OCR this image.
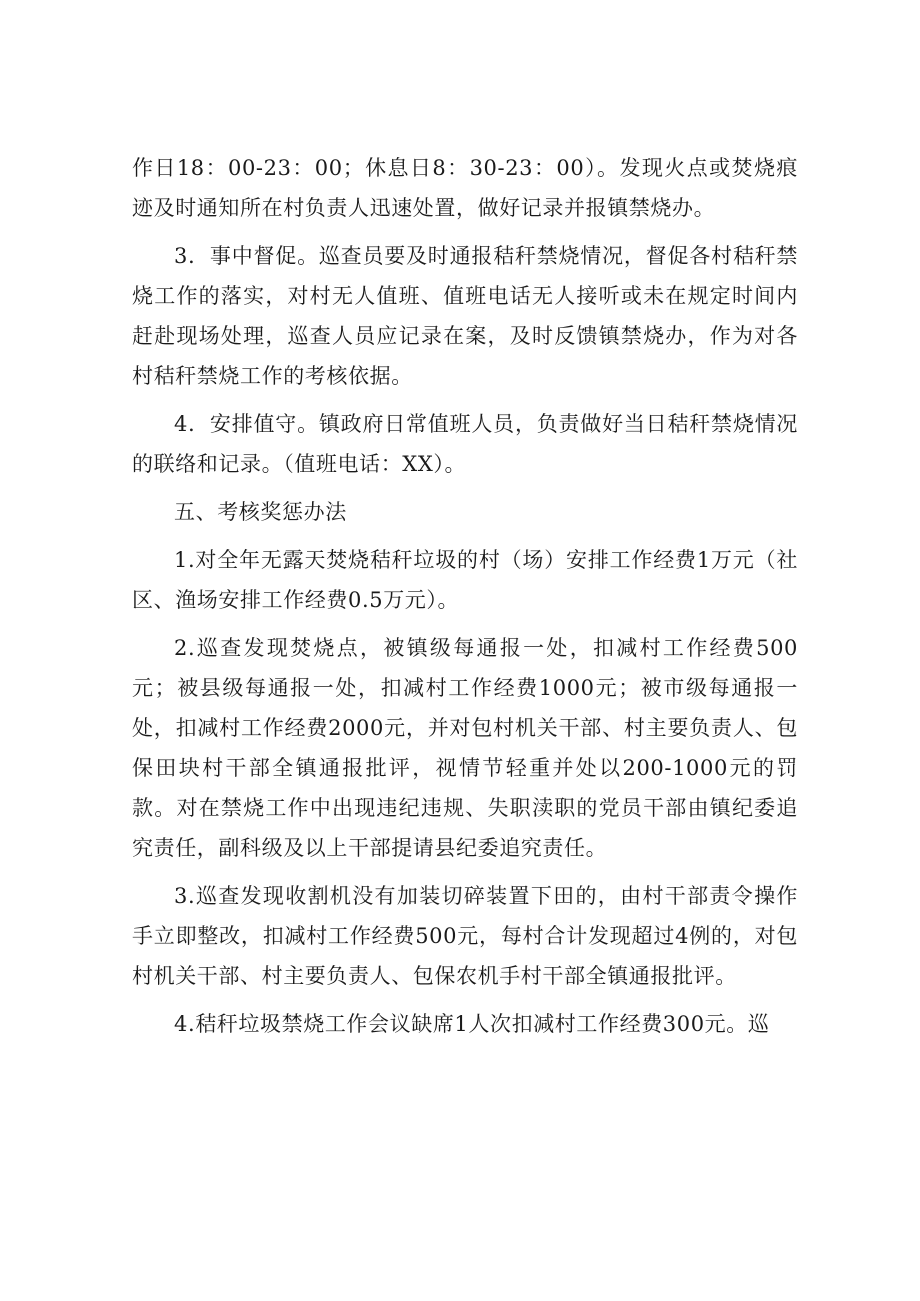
作日18：00-23：00；休息日8：30-23：00）。发现火点或焚烧痕迹及时通知所在村负责人迅速处置，做好记录并报镇禁烧办。

3．事中督促。巡查员要及时通报秸秆禁烧情况，督促各村秸秆禁烧工作的落实，对村无人值班、值班电话无人接听或未在规定时间内赶赴现场处理，巡查人员应记录在案，及时反馈镇禁烧办，作为对各村秸秆禁烧工作的考核依据。

4．安排值守。镇政府日常值班人员，负责做好当日秸秆禁烧情况的联络和记录。（值班电话：XX）。

五、考核奖惩办法

1.对全年无露天焚烧秸秆垃圾的村（场）安排工作经费1万元（社区、渔场安排工作经费0.5万元）。

2.巡查发现焚烧点，被镇级每通报一处，扣减村工作经费500元；被县级每通报一处，扣减村工作经费1000元；被市级每通报一处，扣减村工作经费2000元，并对包村机关干部、村主要负责人、包保田块村干部全镇通报批评，视情节轻重并处以200-1000元的罚款。对在禁烧工作中出现违纪违规、失职渎职的党员干部由镇纪委追究责任，副科级及以上干部提请县纪委追究责任。

3.巡查发现收割机没有加装切碎装置下田的，由村干部责令操作手立即整改，扣减村工作经费500元，每村合计发现超过4例的，对包村机关干部、村主要负责人、包保农机手村干部全镇通报批评。

4.秸秆垃圾禁烧工作会议缺席1人次扣减村工作经费300元。巡
